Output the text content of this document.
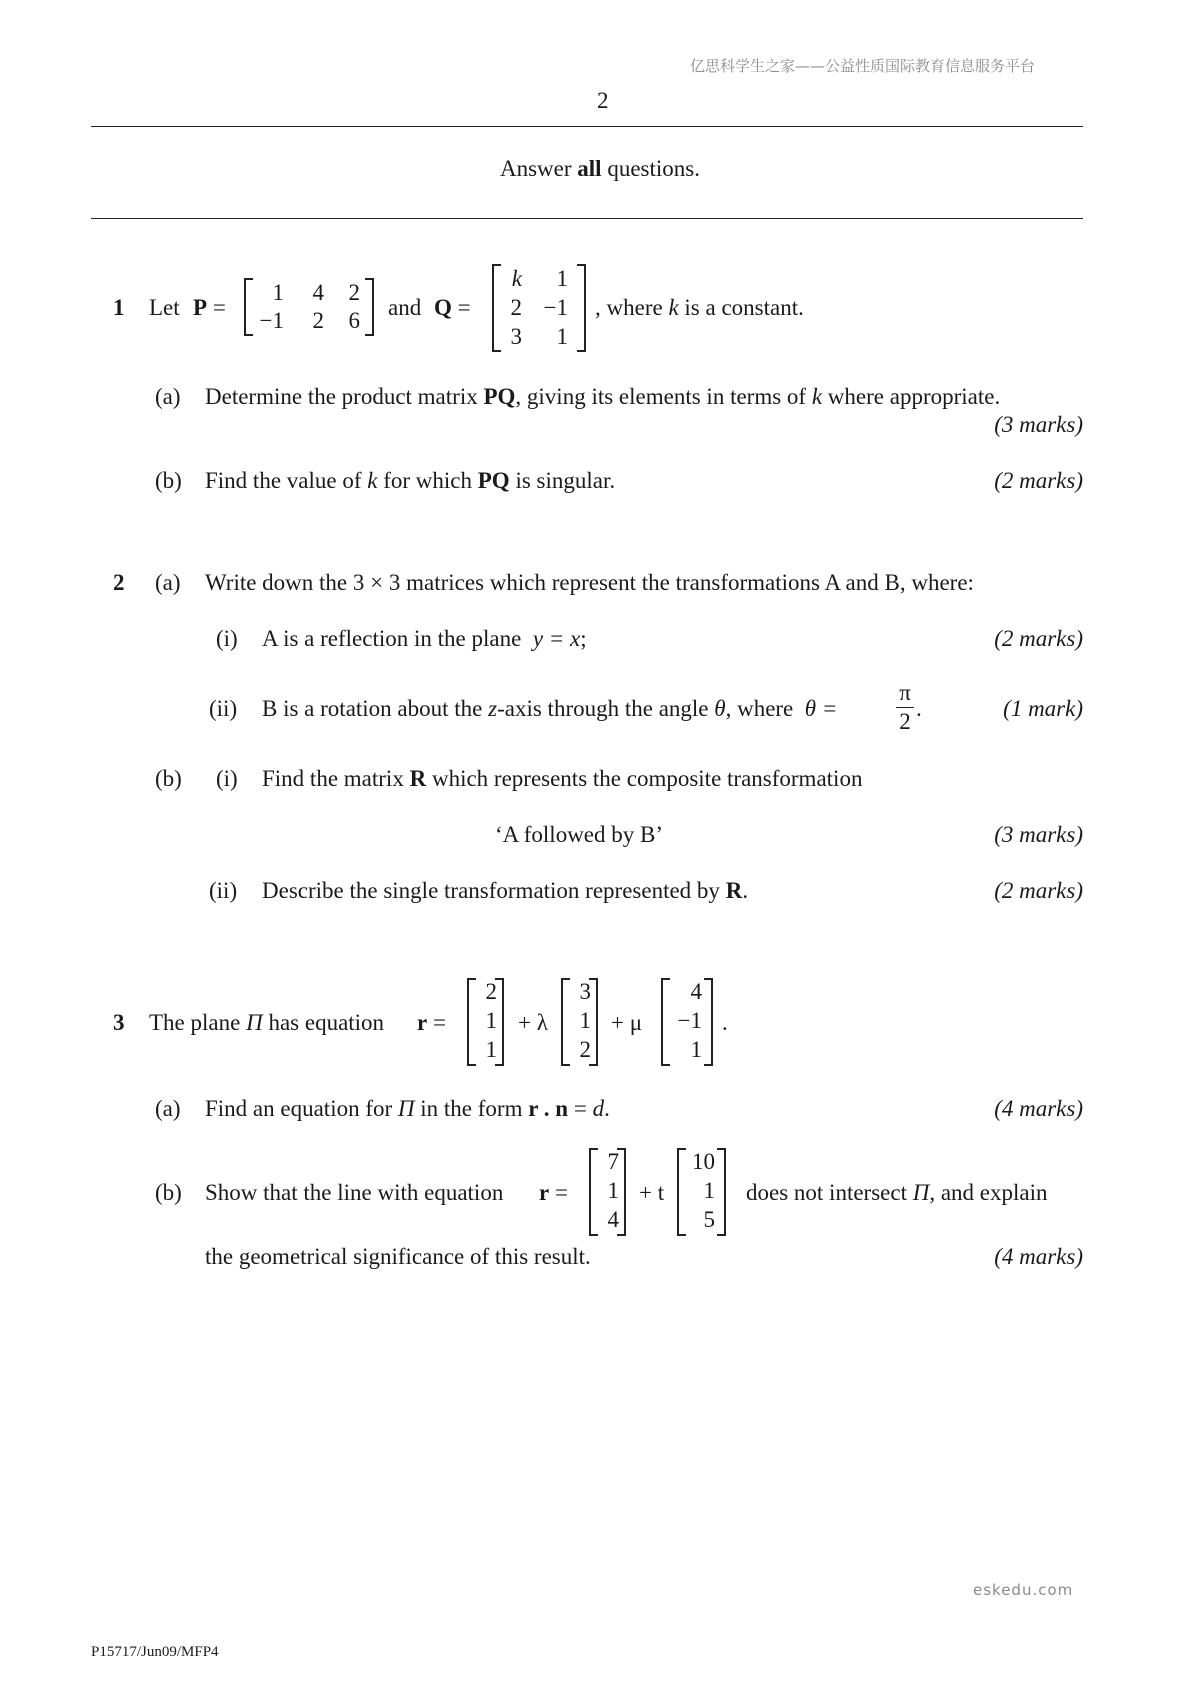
亿思科学生之家——公益性质国际教育信息服务平台
2
Answer all questions.
1 Let P =
1	4	2
−1	2	6
and Q =
k	1
2 −1
3	1
, where k is a constant.
(a) Determine the product matrix PQ, giving its elements in terms of k where appropriate.
(3 marks)
(b) Find the value of k for which PQ is singular.	(2 marks)
2 (a) Write down the 3 × 3 matrices which represent the transformations A and B, where:
(i) A is a reflection in the plane y = x;	(2 marks)
(ii) B is a rotation about the z-axis through the angle θ, where θ =
π
2
.	(1 mark)
(b) (i) Find the matrix R which represents the composite transformation
‘A followed by B’	(3 marks)
(ii) Describe the single transformation represented by R.	(2 marks)
3 The plane Π has equation r =
2
1
1
+ λ
3
1
2
+ μ
4
−1
1
.
(a) Find an equation for Π in the form r . n = d.	(4 marks)
(b) Show that the line with equation r =
7
1
4
+ t
10
1
5
does not intersect Π, and explain
the geometrical significance of this result.	(4 marks)
eskedu.com
P15717/Jun09/MFP4
